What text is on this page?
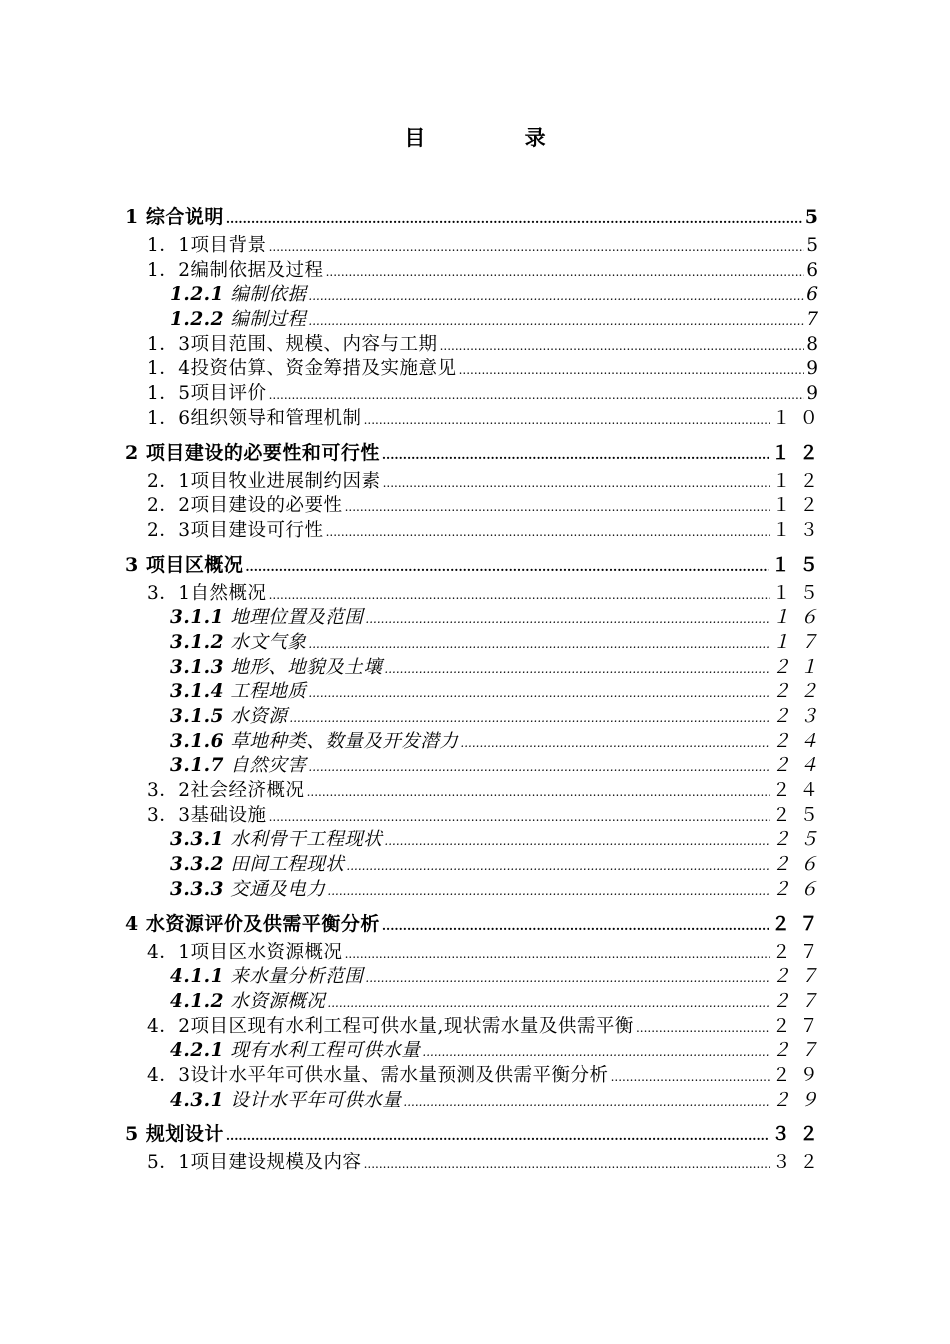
目 录
1 综合说明 .....	5
1．1项目背景 .....	5
1．2编制依据及过程 .....	6
1.2.1 编制依据 .....	6
1.2.2 编制过程 .....	7
1．3项目范围、规模、内容与工期 .....	8
1．4投资估算、资金筹措及实施意见 .....	9
1．5项目评价 .....	9
1．6组织领导和管理机制 .....	１０
2 项目建设的必要性和可行性 .....	１２
2．1项目牧业进展制约因素 .....	１２
2．2项目建设的必要性 .....	１２
2．3项目建设可行性 .....	１３
3 项目区概况 .....	１５
3．1自然概况 .....	１５
3.1.1 地理位置及范围 .....	１６
3.1.2 水文气象 .....	１７
3.1.3 地形、地貌及土壤 .....	２１
3.1.4 工程地质 .....	２２
3.1.5 水资源 .....	２３
3.1.6 草地种类、数量及开发潜力 .....	２４
3.1.7 自然灾害 .....	２４
3．2社会经济概况 .....	２４
3．3基础设施 .....	２５
3.3.1 水利骨干工程现状 .....	２５
3.3.2 田间工程现状 .....	２６
3.3.3 交通及电力 .....	２６
4 水资源评价及供需平衡分析 .....	２７
4．1项目区水资源概况 .....	２７
4.1.1 来水量分析范围 .....	２７
4.1.2 水资源概况 .....	２７
4．2项目区现有水利工程可供水量,现状需水量及供需平衡 .....	２７
4.2.1 现有水利工程可供水量 .....	２７
4．3设计水平年可供水量、需水量预测及供需平衡分析 .....	２９
4.3.1 设计水平年可供水量 .....	２９
5 规划设计 .....	３２
5．1项目建设规模及内容 .....	３２
